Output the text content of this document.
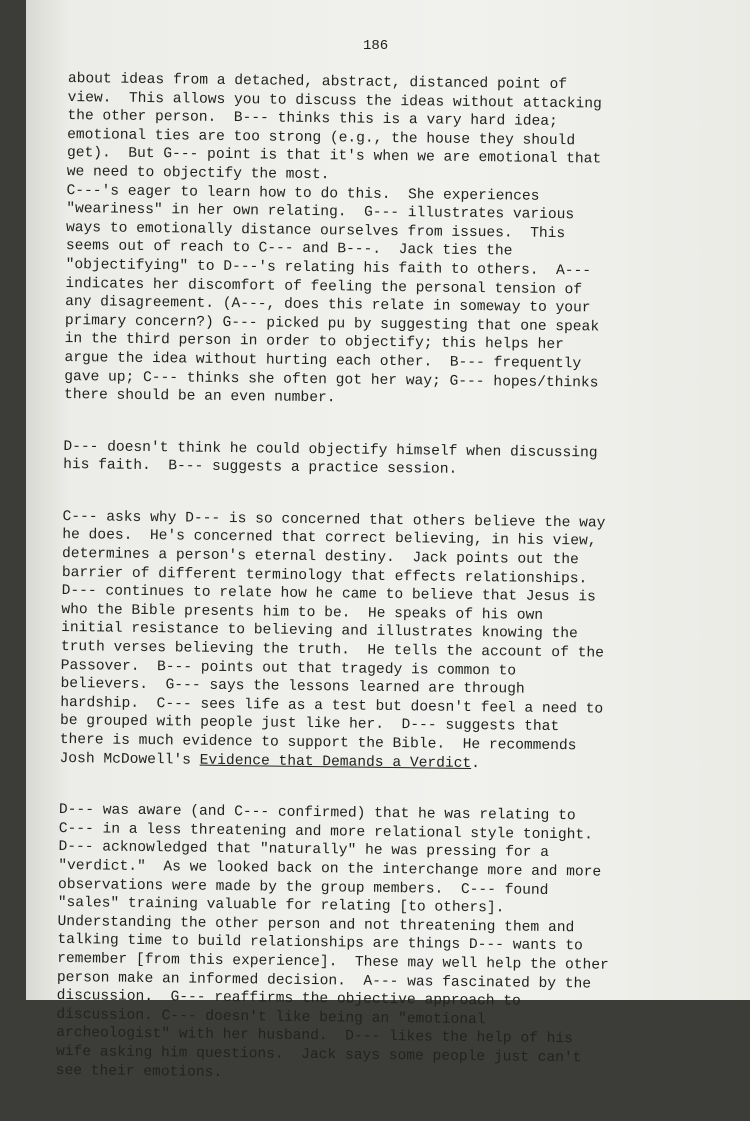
186
about ideas from a detached, abstract, distanced point of
view.  This allows you to discuss the ideas without attacking
the other person.  B--- thinks this is a vary hard idea;
emotional ties are too strong (e.g., the house they should
get).  But G--- point is that it's when we are emotional that
we need to objectify the most.
C---'s eager to learn how to do this.  She experiences
"weariness" in her own relating.  G--- illustrates various
ways to emotionally distance ourselves from issues.  This
seems out of reach to C--- and B---.  Jack ties the
"objectifying" to D---'s relating his faith to others.  A---
indicates her discomfort of feeling the personal tension of
any disagreement. (A---, does this relate in someway to your
primary concern?) G--- picked pu by suggesting that one speak
in the third person in order to objectify; this helps her
argue the idea without hurting each other.  B--- frequently
gave up; C--- thinks she often got her way; G--- hopes/thinks
there should be an even number.
D--- doesn't think he could objectify himself when discussing
his faith.  B--- suggests a practice session.
C--- asks why D--- is so concerned that others believe the way
he does.  He's concerned that correct believing, in his view,
determines a person's eternal destiny.  Jack points out the
barrier of different terminology that effects relationships.
D--- continues to relate how he came to believe that Jesus is
who the Bible presents him to be.  He speaks of his own
initial resistance to believing and illustrates knowing the
truth verses believing the truth.  He tells the account of the
Passover.  B--- points out that tragedy is common to
believers.  G--- says the lessons learned are through
hardship.  C--- sees life as a test but doesn't feel a need to
be grouped with people just like her.  D--- suggests that
there is much evidence to support the Bible.  He recommends
Josh McDowell's Evidence that Demands a Verdict.
D--- was aware (and C--- confirmed) that he was relating to
C--- in a less threatening and more relational style tonight.
D--- acknowledged that "naturally" he was pressing for a
"verdict."  As we looked back on the interchange more and more
observations were made by the group members.  C--- found
"sales" training valuable for relating [to others].
Understanding the other person and not threatening them and
talking time to build relationships are things D--- wants to
remember [from this experience].  These may well help the other
person make an informed decision.  A--- was fascinated by the
discussion.  G--- reaffirms the objective approach to
discussion. C--- doesn't like being an "emotional
archeologist" with her husband.  D--- likes the help of his
wife asking him questions.  Jack says some people just can't
see their emotions.
